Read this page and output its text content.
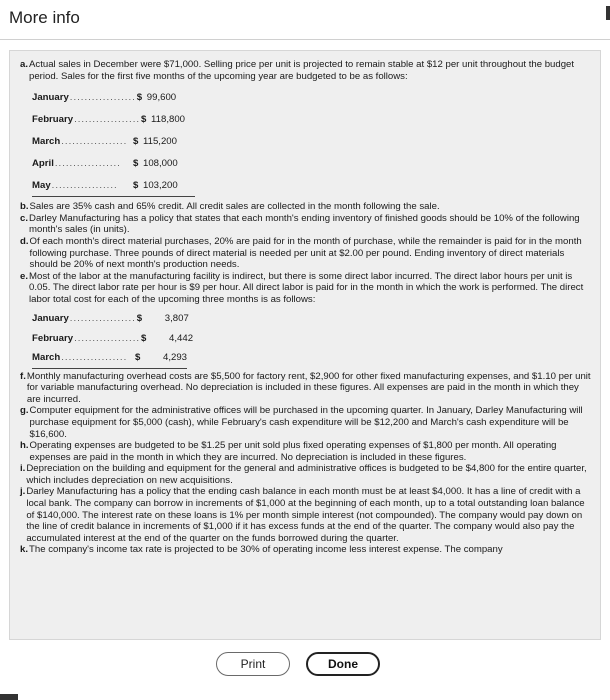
More info
a. Actual sales in December were $71,000. Selling price per unit is projected to remain stable at $12 per unit throughout the budget period. Sales for the first five months of the upcoming year are budgeted to be as follows:
January .................. $ 99,600
February .................. $ 118,800
March .................. $ 115,200
April ..................	$ 108,000
May ..................	$ 103,200
b. Sales are 35% cash and 65% credit. All credit sales are collected in the month following the sale.
c. Darley Manufacturing has a policy that states that each month's ending inventory of finished goods should be 10% of the following month's sales (in units).
d. Of each month's direct material purchases, 20% are paid for in the month of purchase, while the remainder is paid for in the month following purchase. Three pounds of direct material is needed per unit at $2.00 per pound. Ending inventory of direct materials should be 20% of next month's production needs.
e. Most of the labor at the manufacturing facility is indirect, but there is some direct labor incurred. The direct labor hours per unit is 0.05. The direct labor rate per hour is $9 per hour. All direct labor is paid for in the month in which the work is performed. The direct labor total cost for each of the upcoming three months is as follows:
January .................. $	3,807
February .................. $	4,442
March .................. $	4,293
f. Monthly manufacturing overhead costs are $5,500 for factory rent, $2,900 for other fixed manufacturing expenses, and $1.10 per unit for variable manufacturing overhead. No depreciation is included in these figures. All expenses are paid in the month in which they are incurred.
g. Computer equipment for the administrative offices will be purchased in the upcoming quarter. In January, Darley Manufacturing will purchase equipment for $5,000 (cash), while February's cash expenditure will be $12,200 and March's cash expenditure will be $16,600.
h. Operating expenses are budgeted to be $1.25 per unit sold plus fixed operating expenses of $1,800 per month. All operating expenses are paid in the month in which they are incurred. No depreciation is included in these figures.
i. Depreciation on the building and equipment for the general and administrative offices is budgeted to be $4,800 for the entire quarter, which includes depreciation on new acquisitions.
j. Darley Manufacturing has a policy that the ending cash balance in each month must be at least $4,000. It has a line of credit with a local bank. The company can borrow in increments of $1,000 at the beginning of each month, up to a total outstanding loan balance of $140,000. The interest rate on these loans is 1% per month simple interest (not compounded). The company would pay down on the line of credit balance in increments of $1,000 if it has excess funds at the end of the quarter. The company would also pay the accumulated interest at the end of the quarter on the funds borrowed during the quarter.
k. The company's income tax rate is projected to be 30% of operating income less interest expense. The company
Print	Done
